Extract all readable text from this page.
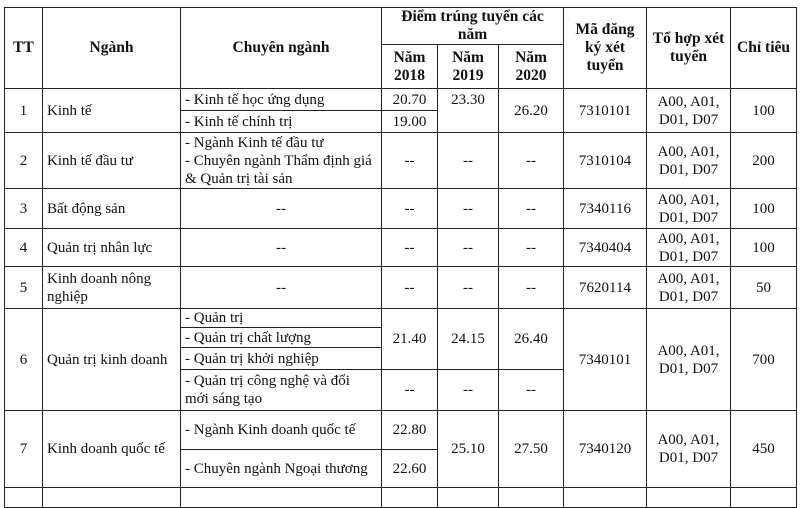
TT	Ngành	Chuyên ngành	Điểm trúng tuyển các năm			Mã đăng ký xét tuyển	Tổ hợp xét tuyển	Chỉ tiêu
			Năm 2018	Năm 2019	Năm 2020			
1	Kinh tế	- Kinh tế học ứng dụng	20.70	23.30	26.20	7310101	A00, A01, D01, D07	100
		- Kinh tế chính trị	19.00					
2	Kinh tế đầu tư	- Ngành Kinh tế đầu tư
- Chuyên ngành Thẩm định giá & Quản trị tài sản	--	--	--	7310104	A00, A01, D01, D07	200
3	Bất động sản	--	--	--	--	7340116	A00, A01, D01, D07	100
4	Quản trị nhân lực	--	--	--	--	7340404	A00, A01, D01, D07	100
5	Kinh doanh nông nghiệp	--	--	--	--	7620114	A00, A01, D01, D07	50
6	Quản trị kinh doanh	- Quản trị	21.40	24.15	26.40	7340101	A00, A01, D01, D07	700
		- Quản trị chất lượng						
		- Quản trị khởi nghiệp						
		- Quản trị công nghệ và đổi mới sáng tạo	--	--	--			
7	Kinh doanh quốc tế	- Ngành Kinh doanh quốc tế	22.80	25.10	27.50	7340120	A00, A01, D01, D07	450
		- Chuyên ngành Ngoại thương	22.60					
